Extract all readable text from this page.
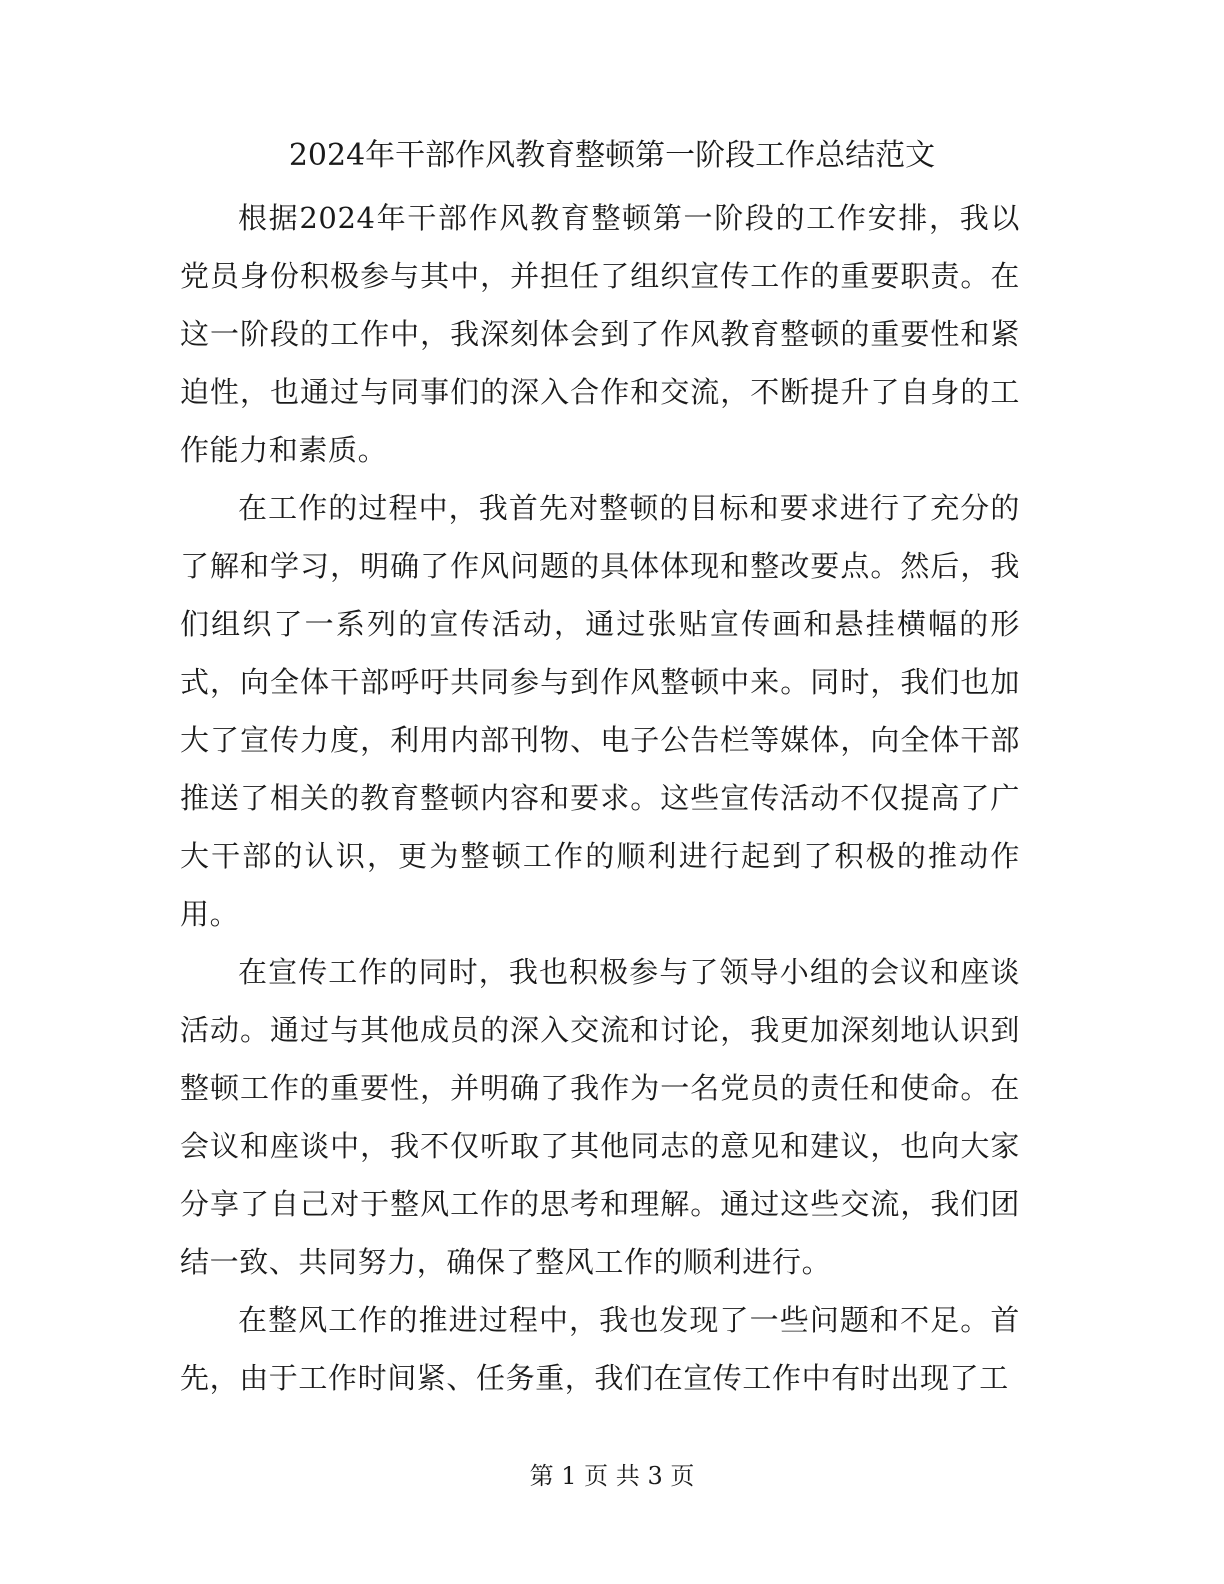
2024年干部作风教育整顿第一阶段工作总结范文

根据2024年干部作风教育整顿第一阶段的工作安排，我以党员身份积极参与其中，并担任了组织宣传工作的重要职责。在这一阶段的工作中，我深刻体会到了作风教育整顿的重要性和紧迫性，也通过与同事们的深入合作和交流，不断提升了自身的工作能力和素质。

在工作的过程中，我首先对整顿的目标和要求进行了充分的了解和学习，明确了作风问题的具体体现和整改要点。然后，我们组织了一系列的宣传活动，通过张贴宣传画和悬挂横幅的形式，向全体干部呼吁共同参与到作风整顿中来。同时，我们也加大了宣传力度，利用内部刊物、电子公告栏等媒体，向全体干部推送了相关的教育整顿内容和要求。这些宣传活动不仅提高了广大干部的认识，更为整顿工作的顺利进行起到了积极的推动作用。

在宣传工作的同时，我也积极参与了领导小组的会议和座谈活动。通过与其他成员的深入交流和讨论，我更加深刻地认识到整顿工作的重要性，并明确了我作为一名党员的责任和使命。在会议和座谈中，我不仅听取了其他同志的意见和建议，也向大家分享了自己对于整风工作的思考和理解。通过这些交流，我们团结一致、共同努力，确保了整风工作的顺利进行。

在整风工作的推进过程中，我也发现了一些问题和不足。首先，由于工作时间紧、任务重，我们在宣传工作中有时出现了工

第 1 页 共 3 页
